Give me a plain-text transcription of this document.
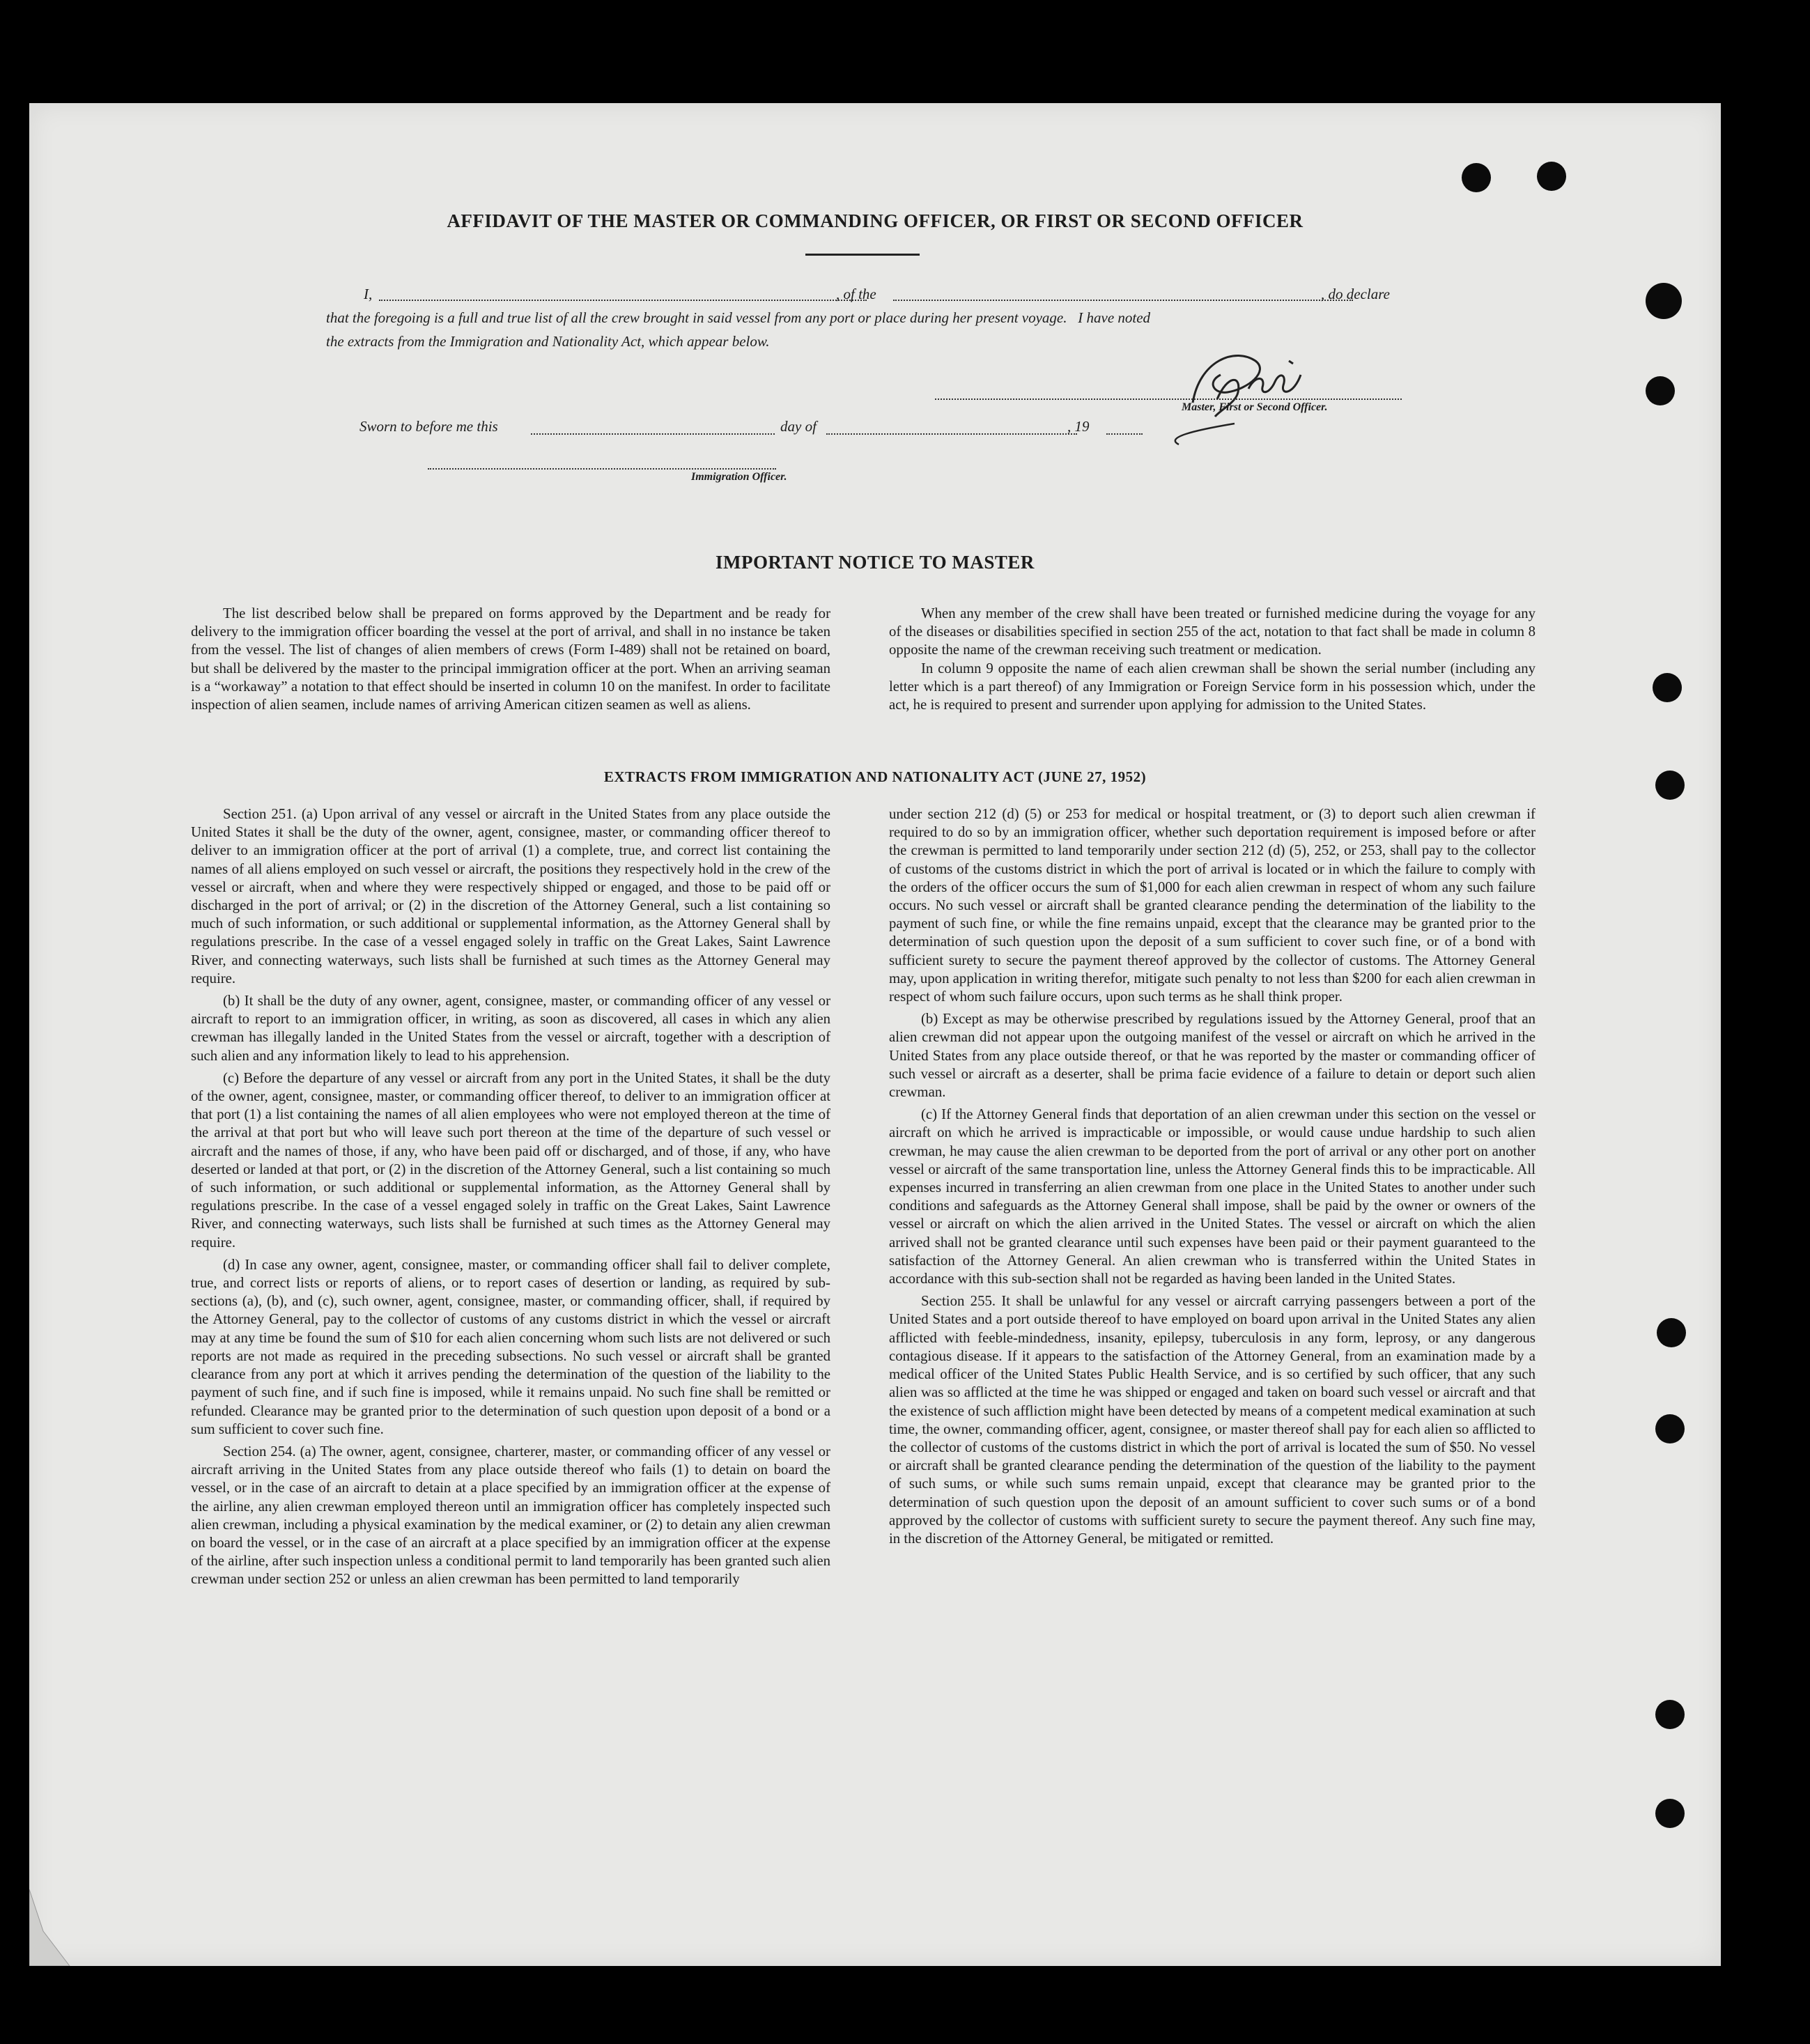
AFFIDAVIT OF THE MASTER OR COMMANDING OFFICER, OR FIRST OR SECOND OFFICER
I,	, of the	, do declare
that the foregoing is a full and true list of all the crew brought in said vessel from any port or place during her present voyage.   I have noted
the extracts from the Immigration and Nationality Act, which appear below.
Master, First or Second Officer.
Sworn to before me this	day of	, 19
Immigration Officer.
IMPORTANT NOTICE TO MASTER

The list described below shall be prepared on forms approved by the Department and be ready for delivery to the immigration officer boarding the vessel at the port of arrival, and shall in no instance be taken from the vessel. The list of changes of alien members of crews (Form I-489) shall not be retained on board, but shall be delivered by the master to the principal immigration officer at the port. When an arriving seaman is a “workaway” a notation to that effect should be inserted in column 10 on the manifest. In order to facilitate inspection of alien seamen, include names of arriving American citizen seamen as well as aliens.

When any member of the crew shall have been treated or furnished medicine during the voyage for any of the diseases or disabilities specified in section 255 of the act, notation to that fact shall be made in column 8 opposite the name of the crewman receiving such treatment or medication.

In column 9 opposite the name of each alien crewman shall be shown the serial number (including any letter which is a part thereof) of any Immigration or Foreign Service form in his possession which, under the act, he is required to present and surrender upon applying for admission to the United States.

EXTRACTS FROM IMMIGRATION AND NATIONALITY ACT (JUNE 27, 1952)

Section 251. (a) Upon arrival of any vessel or aircraft in the United States from any place outside the United States it shall be the duty of the owner, agent, consignee, master, or commanding officer thereof to deliver to an immigration officer at the port of arrival (1) a complete, true, and correct list containing the names of all aliens employed on such vessel or aircraft, the positions they respectively hold in the crew of the vessel or aircraft, when and where they were respectively shipped or engaged, and those to be paid off or discharged in the port of arrival; or (2) in the discretion of the Attorney General, such a list containing so much of such information, or such additional or supplemental information, as the Attorney General shall by regulations prescribe. In the case of a vessel engaged solely in traffic on the Great Lakes, Saint Lawrence River, and connecting waterways, such lists shall be furnished at such times as the Attorney General may require.

(b) It shall be the duty of any owner, agent, consignee, master, or commanding officer of any vessel or aircraft to report to an immigration officer, in writing, as soon as discovered, all cases in which any alien crewman has illegally landed in the United States from the vessel or aircraft, together with a description of such alien and any information likely to lead to his apprehension.

(c) Before the departure of any vessel or aircraft from any port in the United States, it shall be the duty of the owner, agent, consignee, master, or commanding officer thereof, to deliver to an immigration officer at that port (1) a list containing the names of all alien employees who were not employed thereon at the time of the arrival at that port but who will leave such port thereon at the time of the departure of such vessel or aircraft and the names of those, if any, who have been paid off or discharged, and of those, if any, who have deserted or landed at that port, or (2) in the discretion of the Attorney General, such a list containing so much of such information, or such additional or supplemental information, as the Attorney General shall by regulations prescribe. In the case of a vessel engaged solely in traffic on the Great Lakes, Saint Lawrence River, and connecting waterways, such lists shall be furnished at such times as the Attorney General may require.

(d) In case any owner, agent, consignee, master, or commanding officer shall fail to deliver complete, true, and correct lists or reports of aliens, or to report cases of desertion or landing, as required by sub-sections (a), (b), and (c), such owner, agent, consignee, master, or commanding officer, shall, if required by the Attorney General, pay to the collector of customs of any customs district in which the vessel or aircraft may at any time be found the sum of $10 for each alien concerning whom such lists are not delivered or such reports are not made as required in the preceding subsections. No such vessel or aircraft shall be granted clearance from any port at which it arrives pending the determination of the question of the liability to the payment of such fine, and if such fine is imposed, while it remains unpaid. No such fine shall be remitted or refunded. Clearance may be granted prior to the determination of such question upon deposit of a bond or a sum sufficient to cover such fine.

Section 254. (a) The owner, agent, consignee, charterer, master, or commanding officer of any vessel or aircraft arriving in the United States from any place outside thereof who fails (1) to detain on board the vessel, or in the case of an aircraft to detain at a place specified by an immigration officer at the expense of the airline, any alien crewman employed thereon until an immigration officer has completely inspected such alien crewman, including a physical examination by the medical examiner, or (2) to detain any alien crewman on board the vessel, or in the case of an aircraft at a place specified by an immigration officer at the expense of the airline, after such inspection unless a conditional permit to land temporarily has been granted such alien crewman under section 252 or unless an alien crewman has been permitted to land temporarily

under section 212 (d) (5) or 253 for medical or hospital treatment, or (3) to deport such alien crewman if required to do so by an immigration officer, whether such deportation requirement is imposed before or after the crewman is permitted to land temporarily under section 212 (d) (5), 252, or 253, shall pay to the collector of customs of the customs district in which the port of arrival is located or in which the failure to comply with the orders of the officer occurs the sum of $1,000 for each alien crewman in respect of whom any such failure occurs. No such vessel or aircraft shall be granted clearance pending the determination of the liability to the payment of such fine, or while the fine remains unpaid, except that the clearance may be granted prior to the determination of such question upon the deposit of a sum sufficient to cover such fine, or of a bond with sufficient surety to secure the payment thereof approved by the collector of customs. The Attorney General may, upon application in writing therefor, mitigate such penalty to not less than $200 for each alien crewman in respect of whom such failure occurs, upon such terms as he shall think proper.

(b) Except as may be otherwise prescribed by regulations issued by the Attorney General, proof that an alien crewman did not appear upon the outgoing manifest of the vessel or aircraft on which he arrived in the United States from any place outside thereof, or that he was reported by the master or commanding officer of such vessel or aircraft as a deserter, shall be prima facie evidence of a failure to detain or deport such alien crewman.

(c) If the Attorney General finds that deportation of an alien crewman under this section on the vessel or aircraft on which he arrived is impracticable or impossible, or would cause undue hardship to such alien crewman, he may cause the alien crewman to be deported from the port of arrival or any other port on another vessel or aircraft of the same transportation line, unless the Attorney General finds this to be impracticable. All expenses incurred in transferring an alien crewman from one place in the United States to another under such conditions and safeguards as the Attorney General shall impose, shall be paid by the owner or owners of the vessel or aircraft on which the alien arrived in the United States. The vessel or aircraft on which the alien arrived shall not be granted clearance until such expenses have been paid or their payment guaranteed to the satisfaction of the Attorney General. An alien crewman who is transferred within the United States in accordance with this sub-section shall not be regarded as having been landed in the United States.

Section 255. It shall be unlawful for any vessel or aircraft carrying passengers between a port of the United States and a port outside thereof to have employed on board upon arrival in the United States any alien afflicted with feeble-mindedness, insanity, epilepsy, tuberculosis in any form, leprosy, or any dangerous contagious disease. If it appears to the satisfaction of the Attorney General, from an examination made by a medical officer of the United States Public Health Service, and is so certified by such officer, that any such alien was so afflicted at the time he was shipped or engaged and taken on board such vessel or aircraft and that the existence of such affliction might have been detected by means of a competent medical examination at such time, the owner, commanding officer, agent, consignee, or master thereof shall pay for each alien so afflicted to the collector of customs of the customs district in which the port of arrival is located the sum of $50. No vessel or aircraft shall be granted clearance pending the determination of the question of the liability to the payment of such sums, or while such sums remain unpaid, except that clearance may be granted prior to the determination of such question upon the deposit of an amount sufficient to cover such sums or of a bond approved by the collector of customs with sufficient surety to secure the payment thereof. Any such fine may, in the discretion of the Attorney General, be mitigated or remitted.
